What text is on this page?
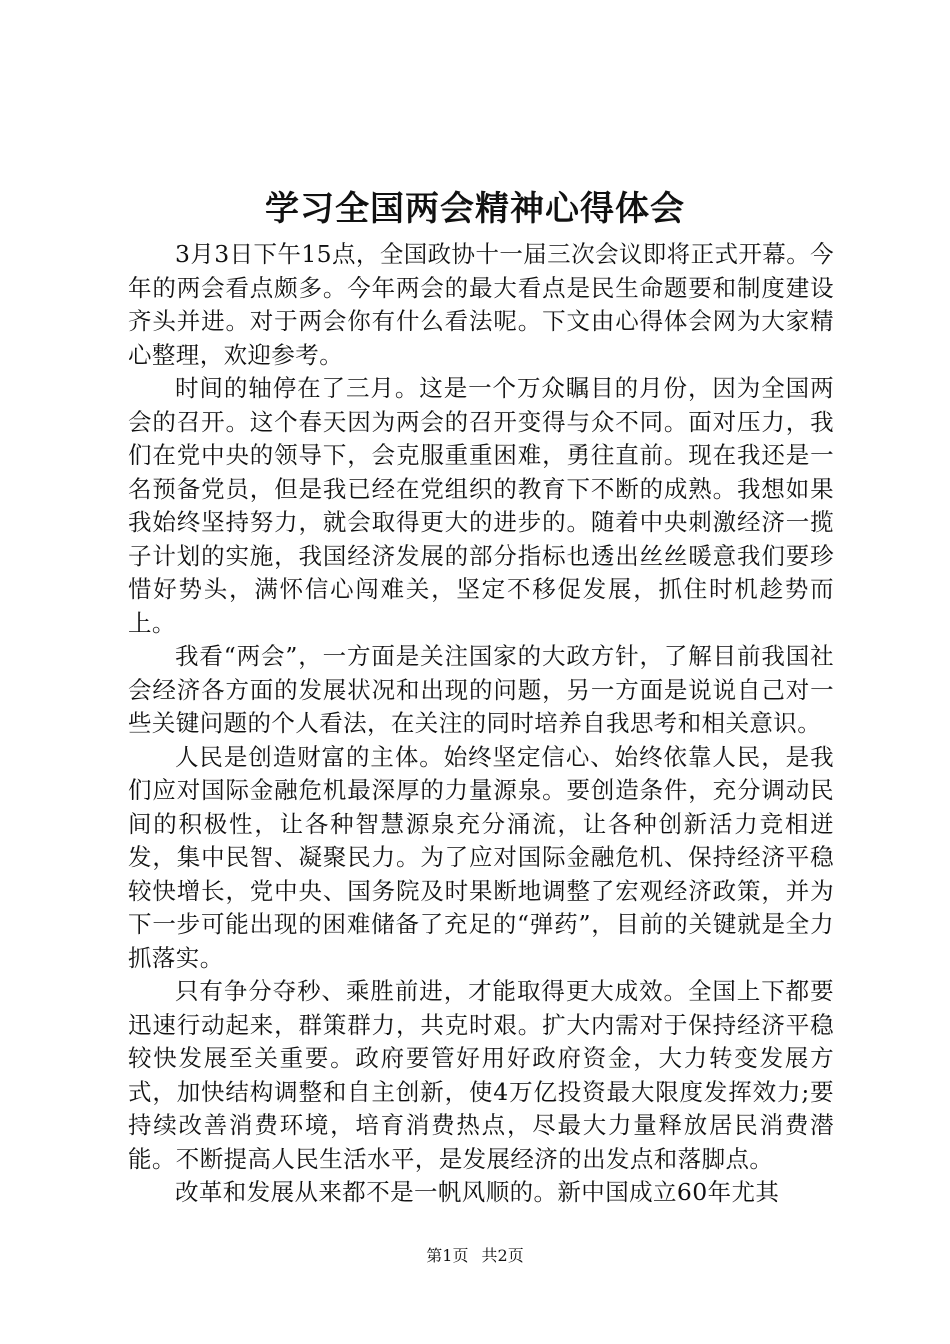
学习全国两会精神心得体会

3月3日下午15点，全国政协十一届三次会议即将正式开幕。今年的两会看点颇多。今年两会的最大看点是民生命题要和制度建设齐头并进。对于两会你有什么看法呢。下文由心得体会网为大家精心整理，欢迎参考。

时间的轴停在了三月。这是一个万众瞩目的月份，因为全国两会的召开。这个春天因为两会的召开变得与众不同。面对压力，我们在党中央的领导下，会克服重重困难，勇往直前。现在我还是一名预备党员，但是我已经在党组织的教育下不断的成熟。我想如果我始终坚持努力，就会取得更大的进步的。随着中央刺激经济一揽子计划的实施，我国经济发展的部分指标也透出丝丝暖意我们要珍惜好势头，满怀信心闯难关，坚定不移促发展，抓住时机趁势而上。

我看“两会”，一方面是关注国家的大政方针，了解目前我国社会经济各方面的发展状况和出现的问题，另一方面是说说自己对一些关键问题的个人看法，在关注的同时培养自我思考和相关意识。

人民是创造财富的主体。始终坚定信心、始终依靠人民，是我们应对国际金融危机最深厚的力量源泉。要创造条件，充分调动民间的积极性，让各种智慧源泉充分涌流，让各种创新活力竞相迸发，集中民智、凝聚民力。为了应对国际金融危机、保持经济平稳较快增长，党中央、国务院及时果断地调整了宏观经济政策，并为下一步可能出现的困难储备了充足的“弹药”，目前的关键就是全力抓落实。

只有争分夺秒、乘胜前进，才能取得更大成效。全国上下都要迅速行动起来，群策群力，共克时艰。扩大内需对于保持经济平稳较快发展至关重要。政府要管好用好政府资金，大力转变发展方式，加快结构调整和自主创新，使4万亿投资最大限度发挥效力;要持续改善消费环境，培育消费热点，尽最大力量释放居民消费潜能。不断提高人民生活水平，是发展经济的出发点和落脚点。

改革和发展从来都不是一帆风顺的。新中国成立60年尤其

第1页 共2页
